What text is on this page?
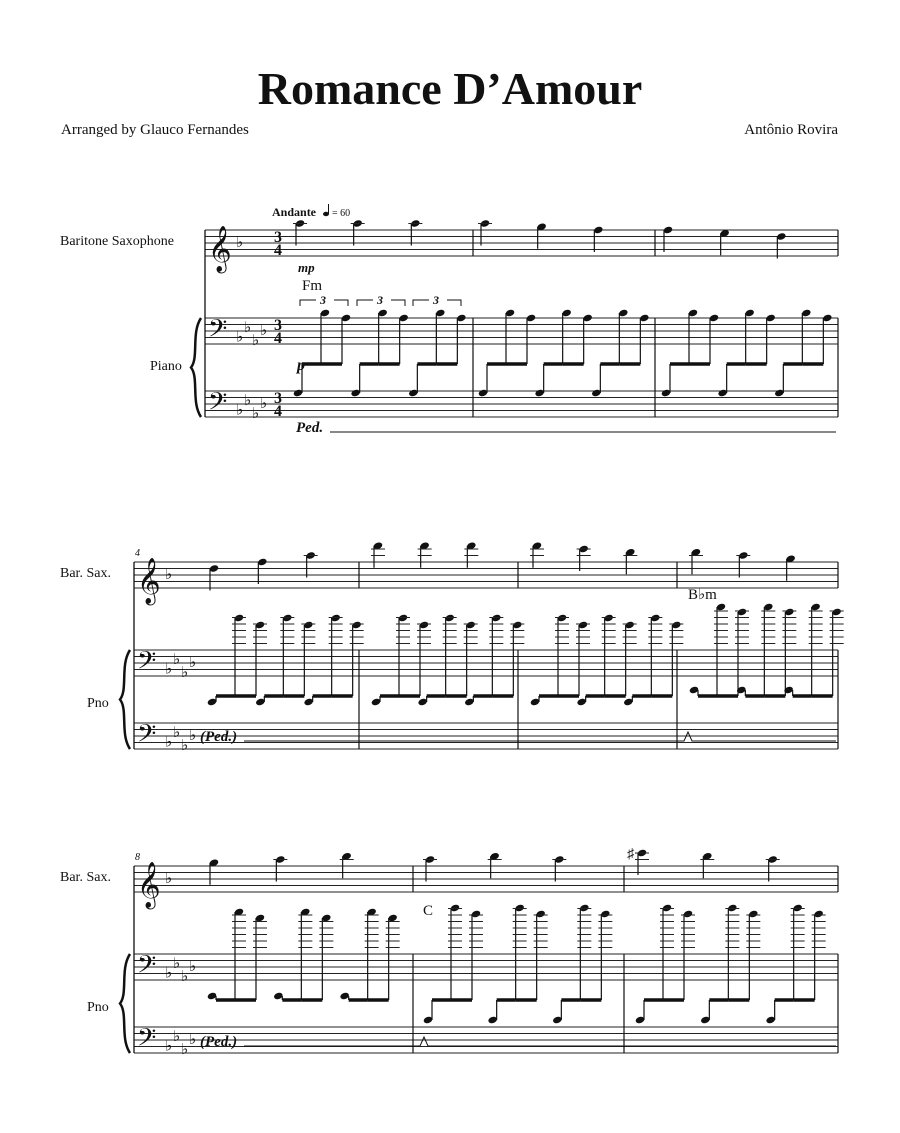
Romance D’Amour
Arranged by Glauco Fernandes	Antônio Rovira
Baritone Saxophone
Piano
𝄞 ♭
𝄢
𝄢
♭
♭
♭
♭
♭
♭
♭
♭
3
4
3
4
3
4
Ped.
Bar. Sax.
Pno
4
𝄞 ♭
𝄢
𝄢
♭
♭
♭
♭
♭
♭
♭
♭ (Ped.)
Bar. Sax.
Pno
8
𝄞 ♭
𝄢
𝄢
♭
♭
♭
♭
♭
♭
♭
♭
♯
(Ped.)
Andante = 60
mp
p
Fm
B♭m
C
3	3	3
